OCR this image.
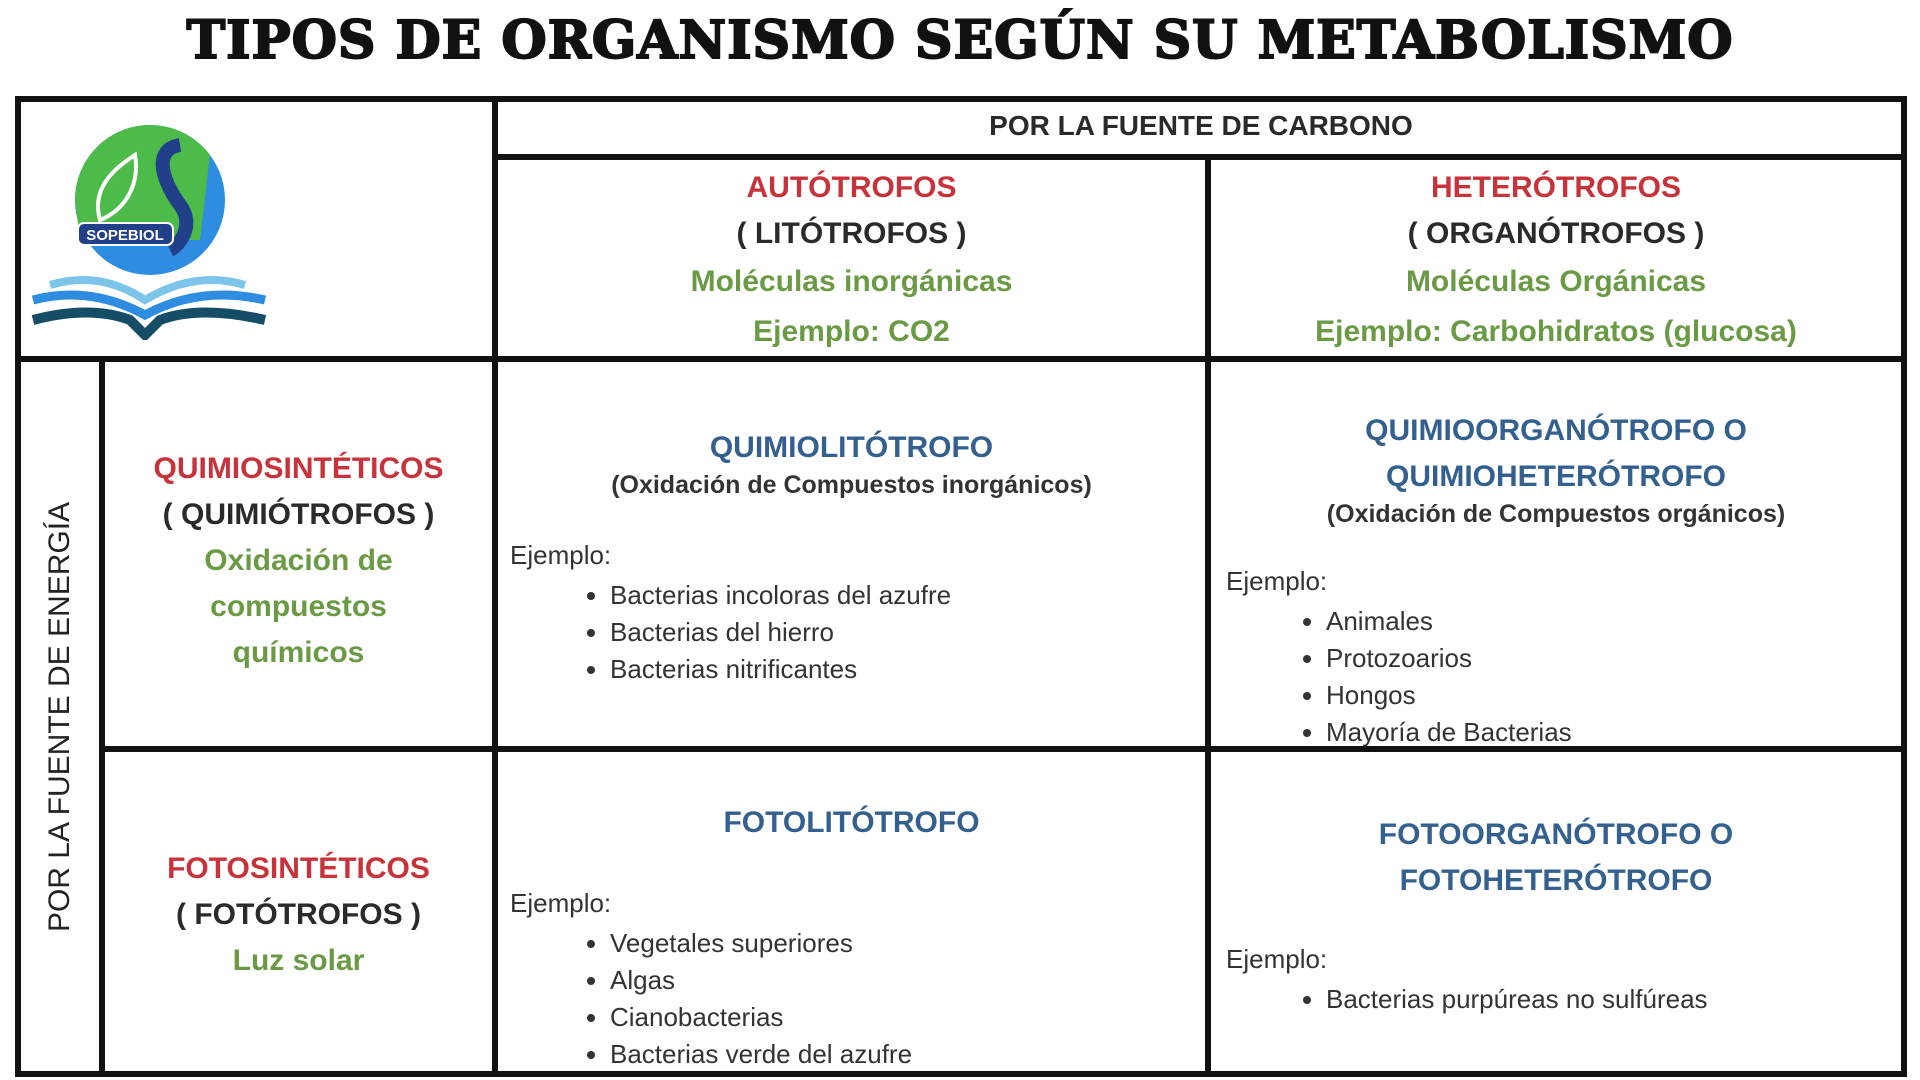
TIPOS DE ORGANISMO SEGÚN SU METABOLISMO
SOPEBIOL
POR LA FUENTE DE CARBONO
AUTÓTROFOS
( LITÓTROFOS )
Moléculas inorgánicas
Ejemplo: CO2
HETERÓTROFOS
( ORGANÓTROFOS )
Moléculas Orgánicas
Ejemplo: Carbohidratos (glucosa)
POR LA FUENTE DE ENERGÍA
QUIMIOSINTÉTICOS
( QUIMIÓTROFOS )
Oxidación de
compuestos
químicos
FOTOSINTÉTICOS
( FOTÓTROFOS )
Luz solar
QUIMIOLITÓTROFO
(Oxidación de Compuestos inorgánicos)
Ejemplo:
• Bacterias incoloras del azufre
• Bacterias del hierro
• Bacterias nitrificantes
QUIMIOORGANÓTROFO O
QUIMIOHETERÓTROFO
(Oxidación de Compuestos orgánicos)
Ejemplo:
• Animales
• Protozoarios
• Hongos
• Mayoría de Bacterias
FOTOLITÓTROFO
Ejemplo:
• Vegetales superiores
• Algas
• Cianobacterias
• Bacterias verde del azufre
FOTOORGANÓTROFO O
FOTOHETERÓTROFO
Ejemplo:
• Bacterias purpúreas no sulfúreas
